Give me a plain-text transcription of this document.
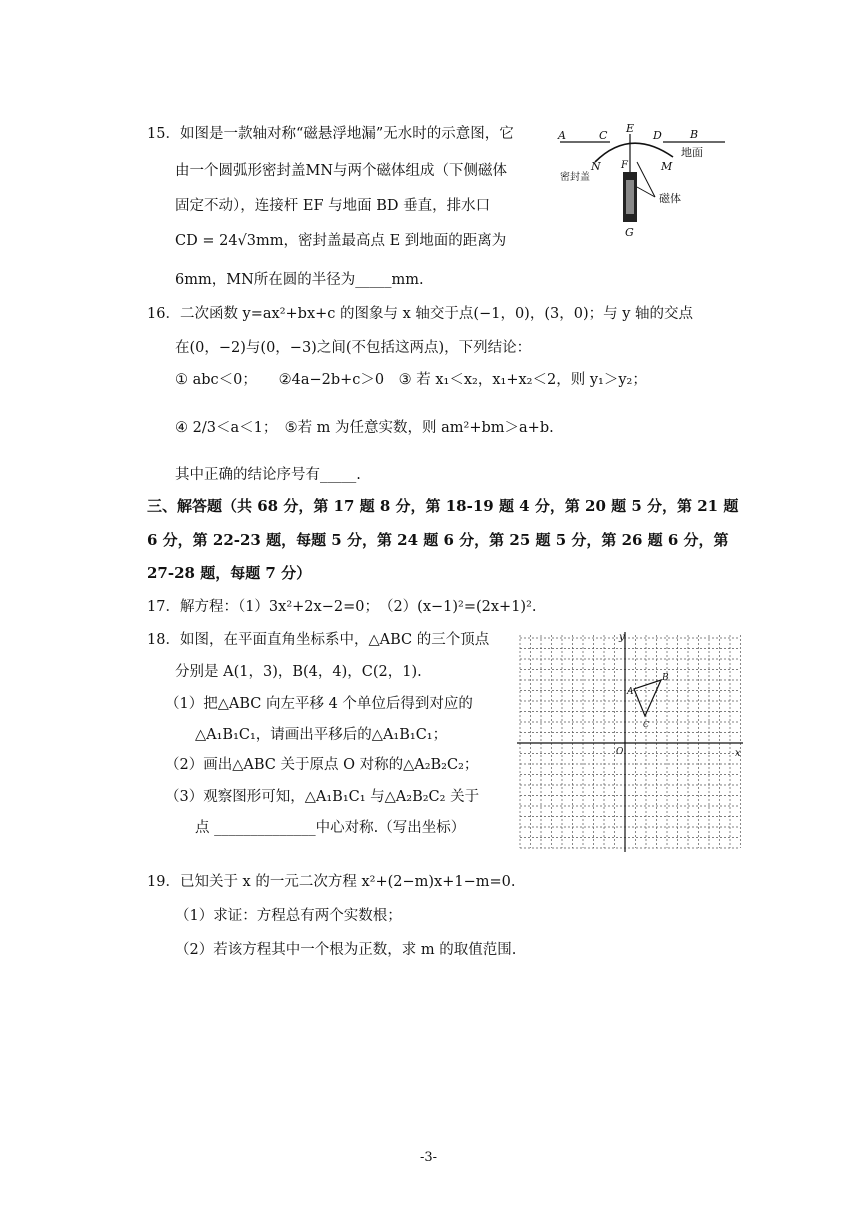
15．如图是一款轴对称“磁悬浮地漏”无水时的示意图，它
由一个圆弧形密封盖MN与两个磁体组成（下侧磁体
固定不动），连接杆 EF 与地面 BD 垂直，排水口
CD = 24√3mm，密封盖最高点 E 到地面的距离为
6mm，MN所在圆的半径为_____mm.
A	C
E
D	B
N F	M
G
地面
密封盖
磁体
16．二次函数 y=ax²+bx+c 的图象与 x 轴交于点(−1，0)，(3，0)；与 y 轴的交点
在(0，−2)与(0，−3)之间(不包括这两点)，下列结论：
① abc＜0；　　②4a−2b+c＞0　③ 若 x₁＜x₂，x₁+x₂＜2，则 y₁＞y₂；
④ 2/3＜a＜1；　⑤若 m 为任意实数，则 am²+bm＞a+b.
其中正确的结论序号有_____.
三、解答题（共 68 分，第 17 题 8 分，第 18-19 题 4 分，第 20 题 5 分，第 21 题
6 分，第 22-23 题，每题 5 分，第 24 题 6 分，第 25 题 5 分，第 26 题 6 分，第
27-28 题，每题 7 分）
17．解方程：（1）3x²+2x−2=0；　（2）(x−1)²=(2x+1)².
18．如图，在平面直角坐标系中，△ABC 的三个顶点
分别是 A(1，3)，B(4，4)，C(2，1).
（1）把△ABC 向左平移 4 个单位后得到对应的
△A₁B₁C₁，请画出平移后的△A₁B₁C₁；
（2）画出△ABC 关于原点 O 对称的△A₂B₂C₂；
（3）观察图形可知，△A₁B₁C₁ 与△A₂B₂C₂ 关于
点 ______________中心对称.（写出坐标）
y
x
O
A
B
C
19．已知关于 x 的一元二次方程 x²+(2−m)x+1−m=0.
（1）求证：方程总有两个实数根；
（2）若该方程其中一个根为正数，求 m 的取值范围.
-3-
